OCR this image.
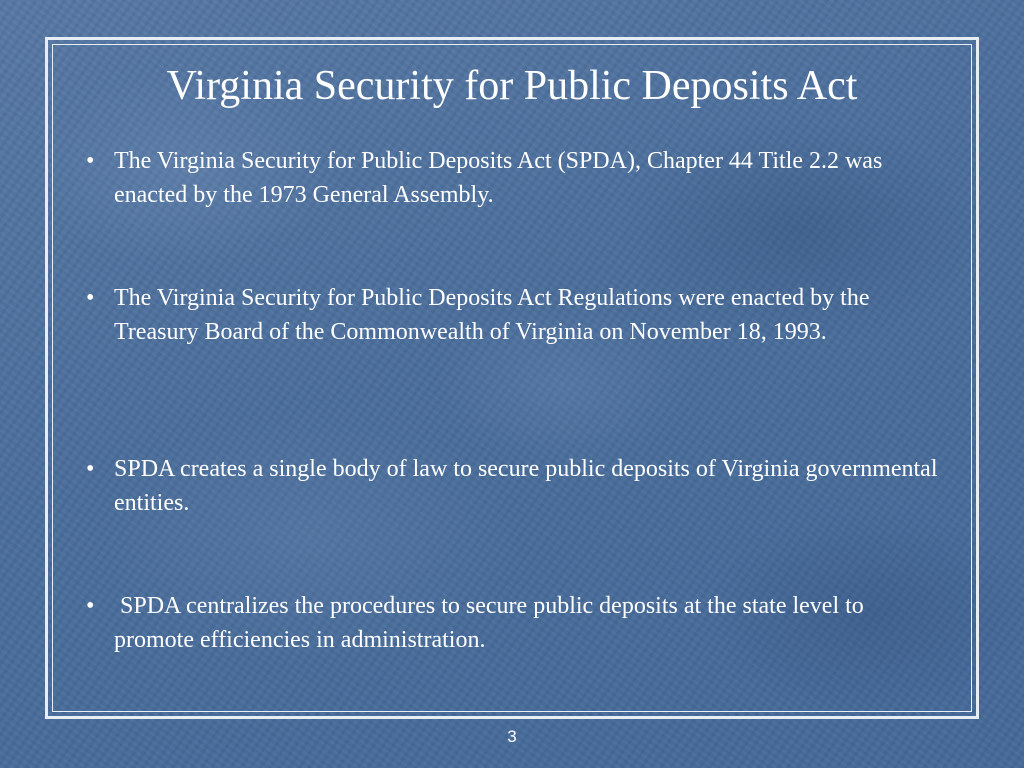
Virginia Security for Public Deposits Act
• The Virginia Security for Public Deposits Act (SPDA), Chapter 44 Title 2.2 was enacted by the 1973 General Assembly.
• The Virginia Security for Public Deposits Act Regulations were enacted by the Treasury Board of the Commonwealth of Virginia on November 18, 1993.
• SPDA creates a single body of law to secure public deposits of Virginia governmental entities.
• SPDA centralizes the procedures to secure public deposits at the state level to promote efficiencies in administration.
3
